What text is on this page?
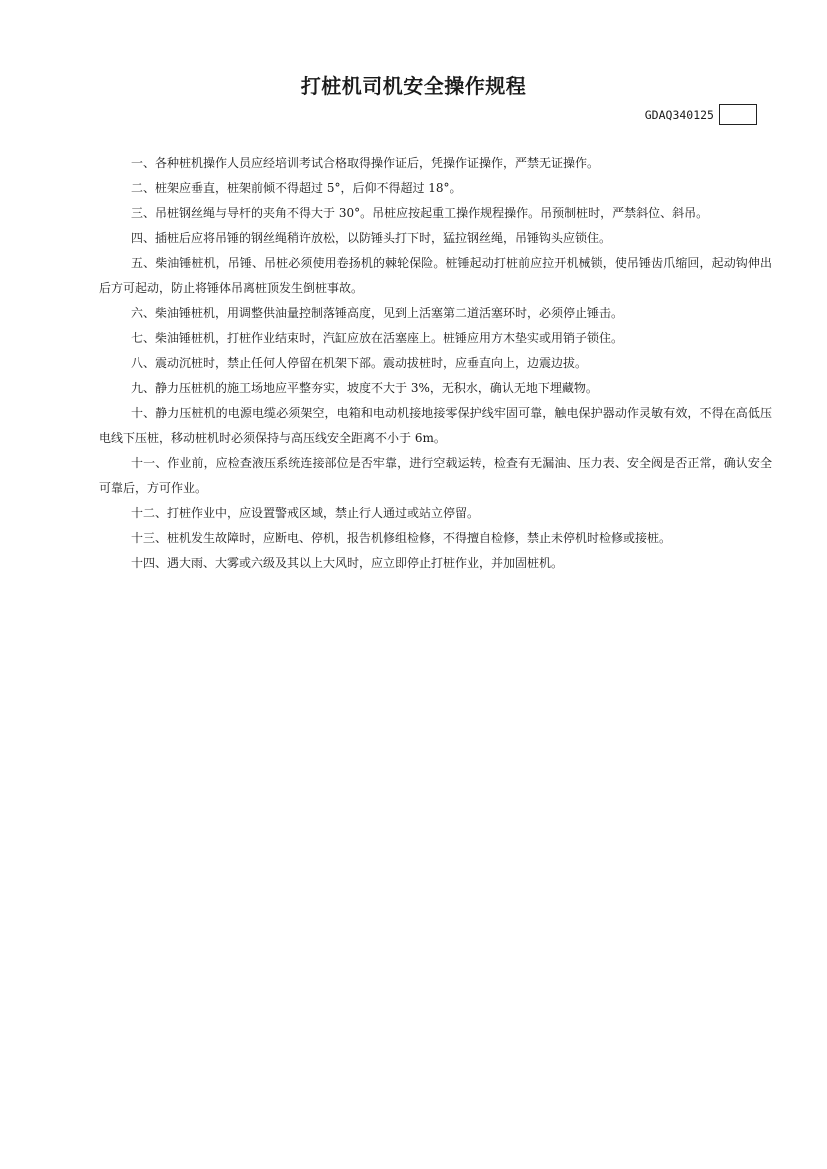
打桩机司机安全操作规程
GDAQ340125

一、各种桩机操作人员应经培训考试合格取得操作证后，凭操作证操作，严禁无证操作。

二、桩架应垂直，桩架前倾不得超过 5°，后仰不得超过 18°。

三、吊桩钢丝绳与导杆的夹角不得大于 30°。吊桩应按起重工操作规程操作。吊预制桩时，严禁斜位、斜吊。

四、插桩后应将吊锤的钢丝绳稍许放松，以防锤头打下时，猛拉钢丝绳，吊锤钩头应锁住。

五、柴油锤桩机，吊锤、吊桩必须使用卷扬机的棘轮保险。桩锤起动打桩前应拉开机械锁，使吊锤齿爪缩回，起动钩伸出后方可起动，防止将锤体吊离桩顶发生倒桩事故。

六、柴油锤桩机，用调整供油量控制落锤高度，见到上活塞第二道活塞环时，必须停止锤击。

七、柴油锤桩机，打桩作业结束时，汽缸应放在活塞座上。桩锤应用方木垫实或用销子锁住。

八、震动沉桩时，禁止任何人停留在机架下部。震动拔桩时，应垂直向上，边震边拔。

九、静力压桩机的施工场地应平整夯实，坡度不大于 3%，无积水，确认无地下埋藏物。

十、静力压桩机的电源电缆必须架空，电箱和电动机接地接零保护线牢固可靠，触电保护器动作灵敏有效，不得在高低压电线下压桩，移动桩机时必须保持与高压线安全距离不小于 6m。

十一、作业前，应检查液压系统连接部位是否牢靠，进行空载运转，检查有无漏油、压力表、安全阀是否正常，确认安全可靠后，方可作业。

十二、打桩作业中，应设置警戒区域，禁止行人通过或站立停留。

十三、桩机发生故障时，应断电、停机，报告机修组检修，不得擅自检修，禁止未停机时检修或接桩。

十四、遇大雨、大雾或六级及其以上大风时，应立即停止打桩作业，并加固桩机。
